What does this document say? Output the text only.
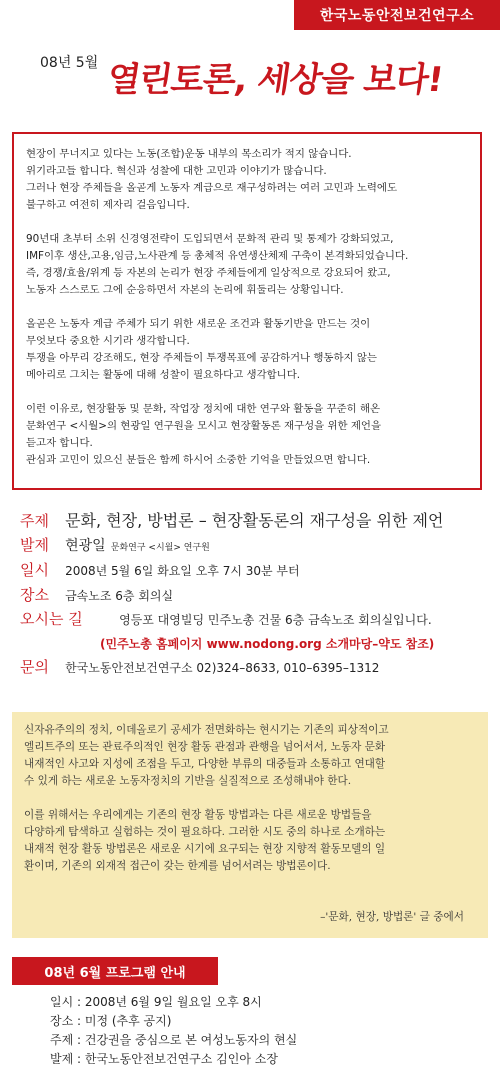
한국노동안전보건연구소
08년 5월 열린토론, 세상을 보다!

현장이 무너지고 있다는 노동(조합)운동 내부의 목소리가 적지 않습니다.
위기라고들 합니다. 혁신과 성찰에 대한 고민과 이야기가 많습니다.
그러나 현장 주체들을 올곧게 노동자 계급으로 재구성하려는 여러 고민과 노력에도
불구하고 여전히 제자리 걸음입니다.

90년대 초부터 소위 신경영전략이 도입되면서 문화적 관리 및 통제가 강화되었고,
IMF이후 생산,고용,임금,노사관계 등 총체적 유연생산체제 구축이 본격화되었습니다.
즉, 경쟁/효율/위계 등 자본의 논리가 현장 주체들에게 일상적으로 강요되어 왔고,
노동자 스스로도 그에 순응하면서 자본의 논리에 휘둘리는 상황입니다.

올곧은 노동자 계급 주체가 되기 위한 새로운 조건과 활동기반을 만드는 것이
무엇보다 중요한 시기라 생각합니다.
투쟁을 아무리 강조해도, 현장 주체들이 투쟁목표에 공감하거나 행동하지 않는
메아리로 그치는 활동에 대해 성찰이 필요하다고 생각합니다.

이런 이유로, 현장활동 및 문화, 작업장 정치에 대한 연구와 활동을 꾸준히 해온
문화연구 <시월>의 현광일 연구원을 모시고 현장활동론 재구성을 위한 제언을
듣고자 합니다.
관심과 고민이 있으신 분들은 함께 하시어 소중한 기억을 만들었으면 합니다.

주제 문화, 현장, 방법론 – 현장활동론의 재구성을 위한 제언
발제 현광일 문화연구 <시월> 연구원
일시 2008년 5월 6일 화요일 오후 7시 30분 부터
장소 금속노조 6층 회의실
오시는 길	영등포 대영빌딩 민주노총 건물 6층 금속노조 회의실입니다.
(민주노총 홈페이지 www.nodong.org 소개마당–약도 참조)
문의 한국노동안전보건연구소 02)324–8633, 010–6395–1312

신자유주의의 정치, 이데올로기 공세가 전면화하는 현시기는 기존의 피상적이고
엘리트주의 또는 관료주의적인 현장 활동 관점과 관행을 넘어서서, 노동자 문화
내재적인 사고와 지성에 조점을 두고, 다양한 부류의 대중들과 소통하고 연대할
수 있게 하는 새로운 노동자정치의 기반을 실질적으로 조성해내야 한다.

이를 위해서는 우리에게는 기존의 현장 활동 방법과는 다른 새로운 방법들을
다양하게 탐색하고 실험하는 것이 필요하다. 그러한 시도 중의 하나로 소개하는
내재적 현장 활동 방법론은 새로운 시기에 요구되는 현장 지향적 활동모델의 일
환이며, 기존의 외재적 접근이 갖는 한계를 넘어서려는 방법론이다.

–'문화, 현장, 방법론' 글 중에서
08년 6월 프로그램 안내
일시 : 2008년 6월 9일 월요일 오후 8시
장소 : 미정 (추후 공지)
주제 : 건강권을 중심으로 본 여성노동자의 현실
발제 : 한국노동안전보건연구소 김인아 소장
